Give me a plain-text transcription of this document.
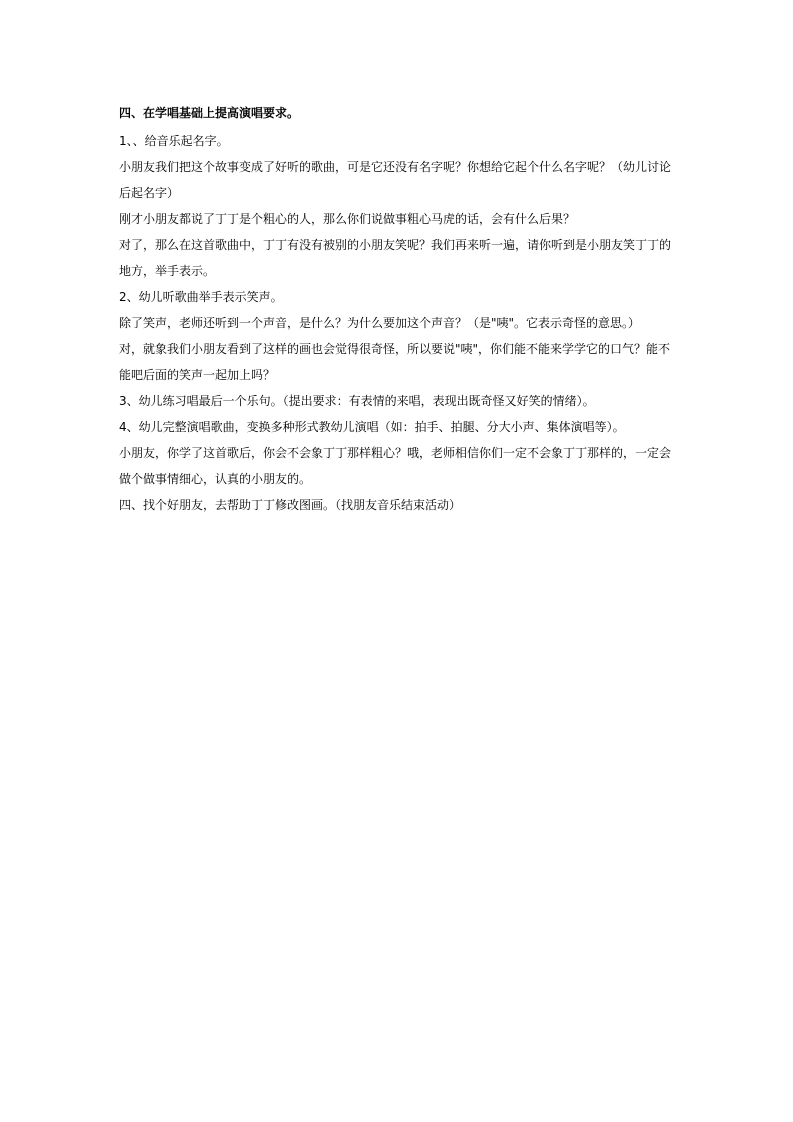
四、在学唱基础上提高演唱要求。

1、、给音乐起名字。

小朋友我们把这个故事变成了好听的歌曲，可是它还没有名字呢？你想给它起个什么名字呢？（幼儿讨论后起名字）

刚才小朋友都说了丁丁是个粗心的人，那么你们说做事粗心马虎的话，会有什么后果？

对了，那么在这首歌曲中，丁丁有没有被别的小朋友笑呢？我们再来听一遍，请你听到是小朋友笑丁丁的地方，举手表示。

2、幼儿听歌曲举手表示笑声。

除了笑声，老师还听到一个声音，是什么？为什么要加这个声音？（是"咦"。它表示奇怪的意思。）

对，就象我们小朋友看到了这样的画也会觉得很奇怪，所以要说"咦"，你们能不能来学学它的口气？能不能吧后面的笑声一起加上吗？

3、幼儿练习唱最后一个乐句。（提出要求：有表情的来唱，表现出既奇怪又好笑的情绪）。

4、幼儿完整演唱歌曲，变换多种形式教幼儿演唱（如：拍手、拍腿、分大小声、集体演唱等）。

小朋友，你学了这首歌后，你会不会象丁丁那样粗心？哦，老师相信你们一定不会象丁丁那样的，一定会做个做事情细心，认真的小朋友的。

四、找个好朋友，去帮助丁丁修改图画。（找朋友音乐结束活动）
